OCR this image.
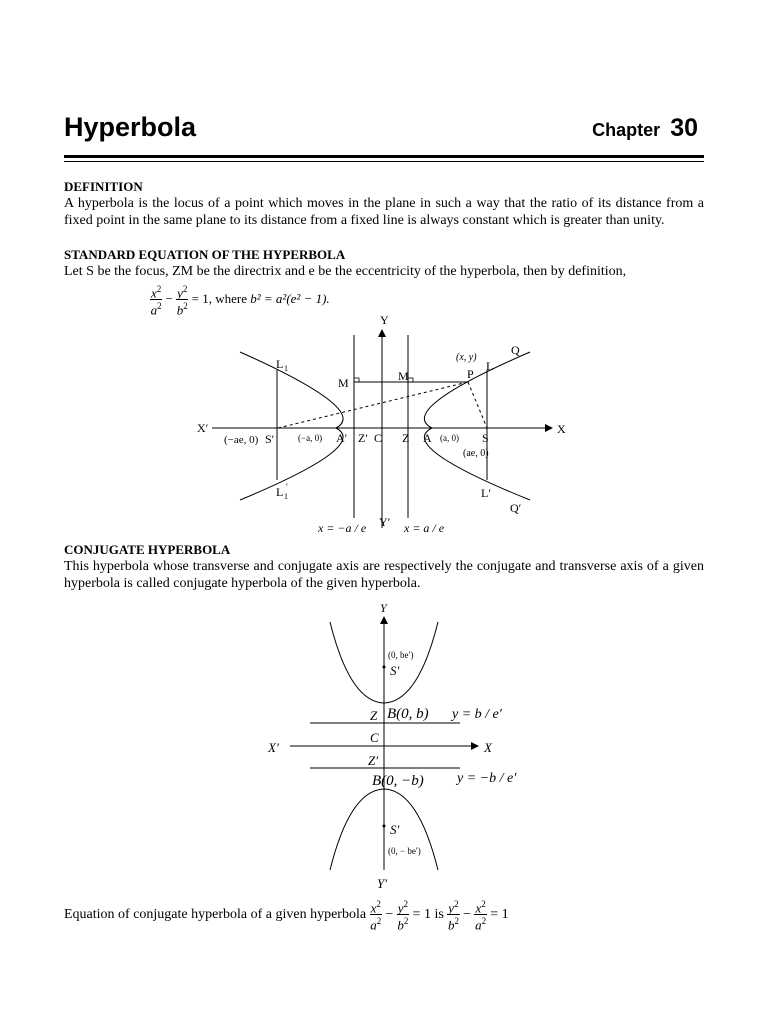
Hyperbola	Chapter 30
DEFINITION
A hyperbola is the locus of a point which moves in the plane in such a way that the ratio of its distance from a fixed point in the same plane to its distance from a fixed line is always constant which is greater than unity.
STANDARD EQUATION OF THE HYPERBOLA
Let S be the focus, ZM be the directrix and e be the eccentricity of the hyperbola, then by definition,
$\frac{x^2}{a^2} - \frac{y^2}{b^2} = 1$, where b² = a²(e² − 1).
Y
Y′
X
X′
L 1
L 1
′
L
L′
M	M	P
(x, y)
Q
Q′
(−ae, 0) S′	(−a, 0) A′ Z′ C Z A (a, 0) S
(ae, 0)
x = −a / e	x = a / e
Y
Y′
X
X′
(0, be′)
S′
Z B(0, b) y = b / e′
C
Z′
B(0, −b) y = −b / e′
S′
(0, − be′)
CONJUGATE HYPERBOLA
This hyperbola whose transverse and conjugate axis are respectively the conjugate and transverse axis of a given hyperbola is called conjugate hyperbola of the given hyperbola.
Equation of conjugate hyperbola of a given hyperbola $\frac{x^2}{a^2} - \frac{y^2}{b^2} = 1$ is $\frac{y^2}{b^2} - \frac{x^2}{a^2} = 1$
